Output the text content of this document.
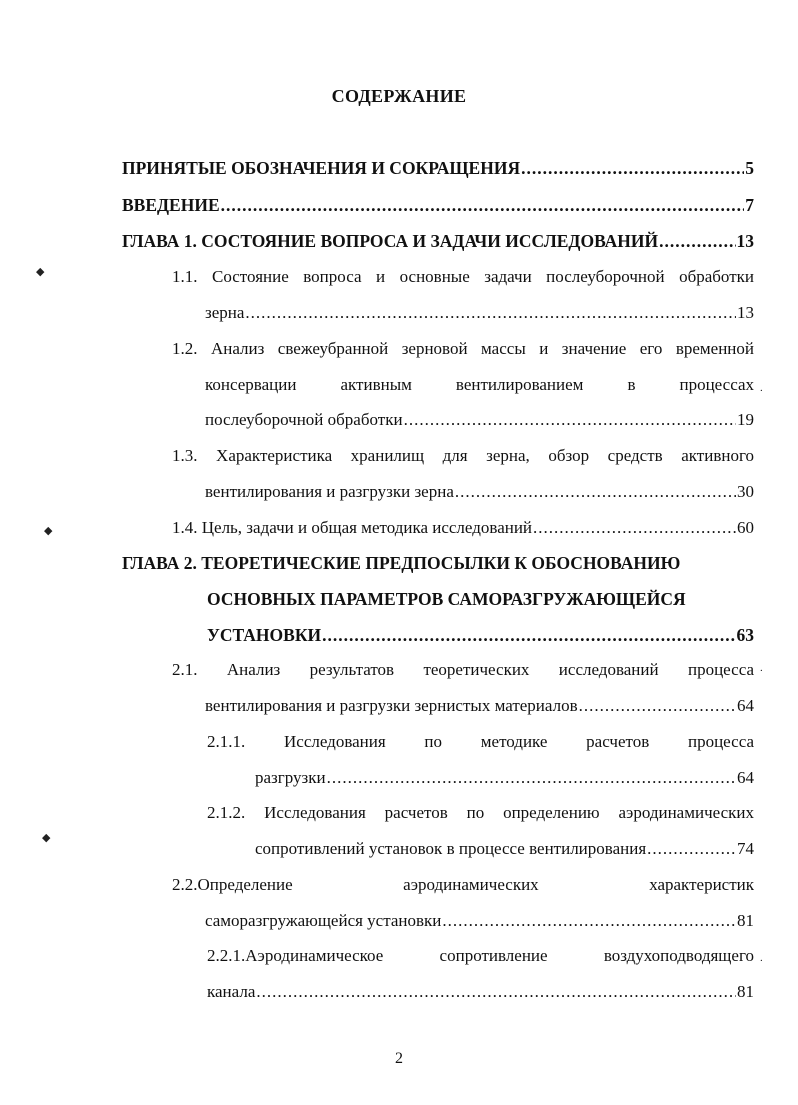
СОДЕРЖАНИЕ
ПРИНЯТЫЕ ОБОЗНАЧЕНИЯ И СОКРАЩЕНИЯ .....	5
ВВЕДЕНИЕ .....	7
ГЛАВА 1. СОСТОЯНИЕ ВОПРОСА И ЗАДАЧИ ИССЛЕДОВАНИЙ .....	13
1.1. Состояние вопроса и основные задачи послеуборочной обработки
зерна .....	13
1.2. Анализ свежеубранной зерновой массы и значение его временной
консервации активным вентилированием в процессах
послеуборочной обработки .....	19
1.3. Характеристика хранилищ для зерна, обзор средств активного
вентилирования и разгрузки зерна .....	30
1.4. Цель, задачи и общая методика исследований .....	60
ГЛАВА 2. ТЕОРЕТИЧЕСКИЕ ПРЕДПОСЫЛКИ К ОБОСНОВАНИЮ
ОСНОВНЫХ ПАРАМЕТРОВ САМОРАЗГРУЖАЮЩЕЙСЯ
УСТАНОВКИ .....	63
2.1. Анализ результатов теоретических исследований процесса
вентилирования и разгрузки зернистых материалов .....	64
2.1.1. Исследования по методике расчетов процесса
разгрузки .....	64
2.1.2. Исследования расчетов по определению аэродинамических
сопротивлений установок в процессе вентилирования .....	74
2.2.Определение аэродинамических характеристик
саморазгружающейся установки .....	81
2.2.1.Аэродинамическое сопротивление воздухоподводящего
канала .....	81
2
◆
◆
◆
.
.
.
